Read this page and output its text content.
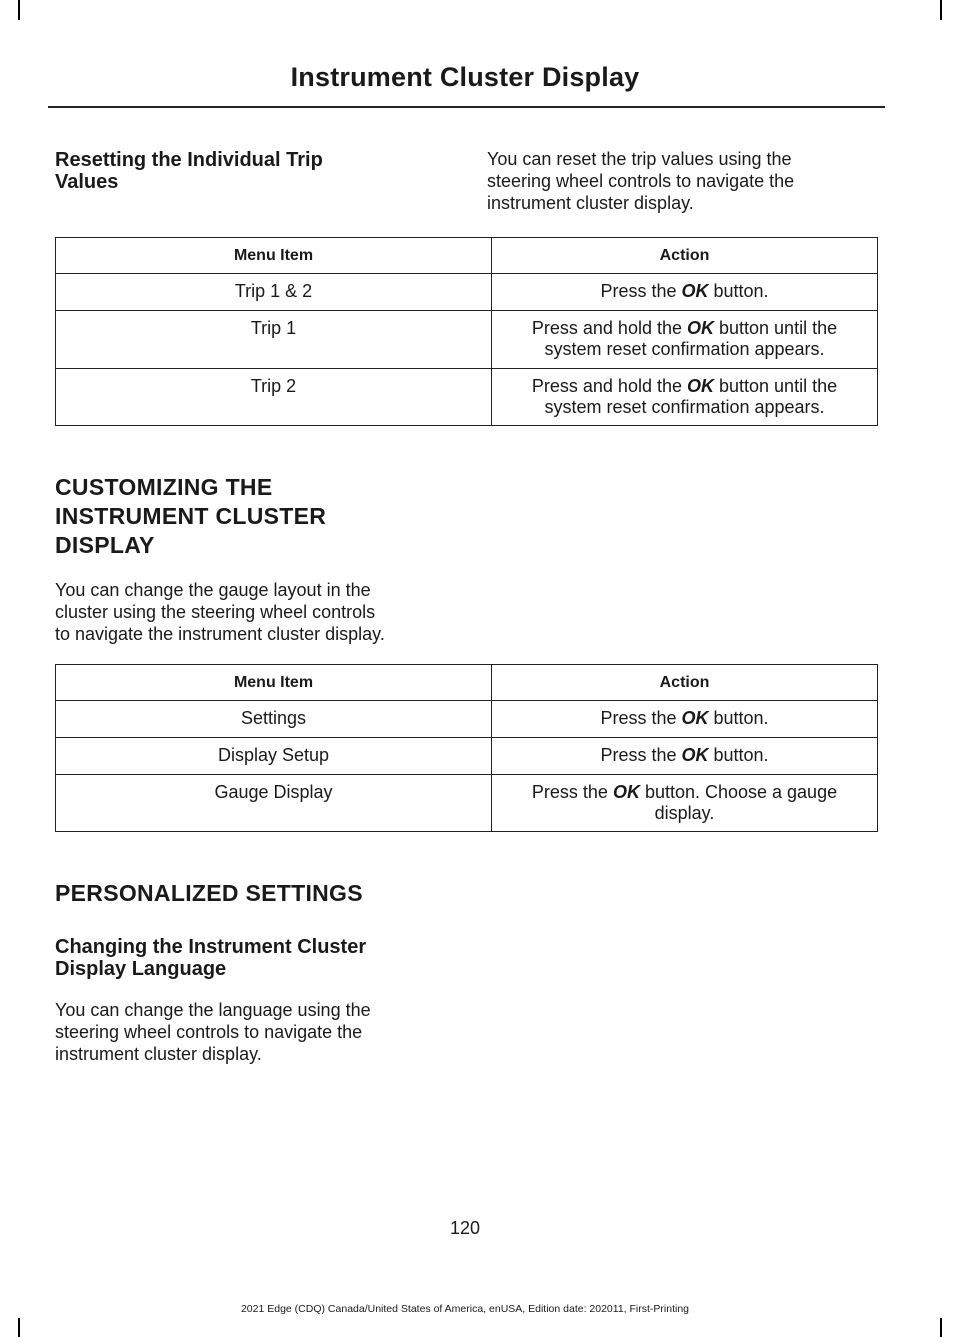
Instrument Cluster Display

Resetting the Individual Trip

Values

You can reset the trip values using the

steering wheel controls to navigate the

instrument cluster display.

Menu Item	Action
Trip 1 & 2	Press the OK button.
Trip 1	Press and hold the OK button until the
system reset confirmation appears.
Trip 2	Press and hold the OK button until the
system reset confirmation appears.

CUSTOMIZING THE

INSTRUMENT CLUSTER

DISPLAY

You can change the gauge layout in the

cluster using the steering wheel controls

to navigate the instrument cluster display.

Menu Item	Action
Settings	Press the OK button.
Display Setup	Press the OK button.
Gauge Display	Press the OK button. Choose a gauge
display.
PERSONALIZED SETTINGS

Changing the Instrument Cluster

Display Language

You can change the language using the

steering wheel controls to navigate the

instrument cluster display.

120
2021 Edge (CDQ) Canada/United States of America, enUSA, Edition date: 202011, First-Printing
